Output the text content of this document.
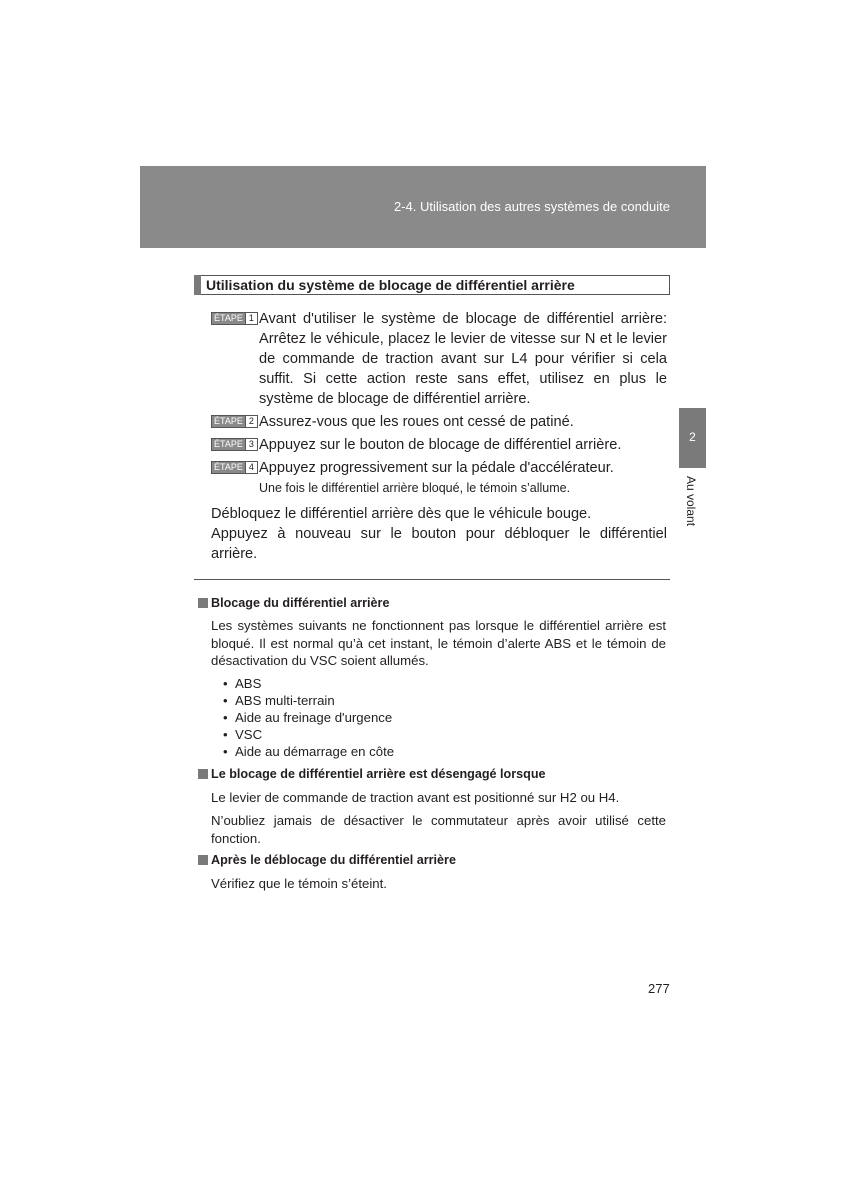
2-4. Utilisation des autres systèmes de conduite
2
Au volant
Utilisation du système de blocage de différentiel arrière
ÉTAPE 1 Avant d'utiliser le système de blocage de différentiel arrière: Arrêtez le véhicule, placez le levier de vitesse sur N et le levier de commande de traction avant sur L4 pour vérifier si cela suffit. Si cette action reste sans effet, utilisez en plus le système de blocage de différentiel arrière.
ÉTAPE 2 Assurez-vous que les roues ont cessé de patiné.
ÉTAPE 3 Appuyez sur le bouton de blocage de différentiel arrière.
ÉTAPE 4 Appuyez progressivement sur la pédale d'accélérateur.
Une fois le différentiel arrière bloqué, le témoin s’allume.
Débloquez le différentiel arrière dès que le véhicule bouge.
Appuyez à nouveau sur le bouton pour débloquer le différentiel arrière.
Blocage du différentiel arrière
Les systèmes suivants ne fonctionnent pas lorsque le différentiel arrière est bloqué. Il est normal qu’à cet instant, le témoin d’alerte ABS et le témoin de désactivation du VSC soient allumés.
• ABS
• ABS multi-terrain
• Aide au freinage d'urgence
• VSC
• Aide au démarrage en côte
Le blocage de différentiel arrière est désengagé lorsque
Le levier de commande de traction avant est positionné sur H2 ou H4.
N’oubliez jamais de désactiver le commutateur après avoir utilisé cette fonction.
Après le déblocage du différentiel arrière
Vérifiez que le témoin s’éteint.
277
